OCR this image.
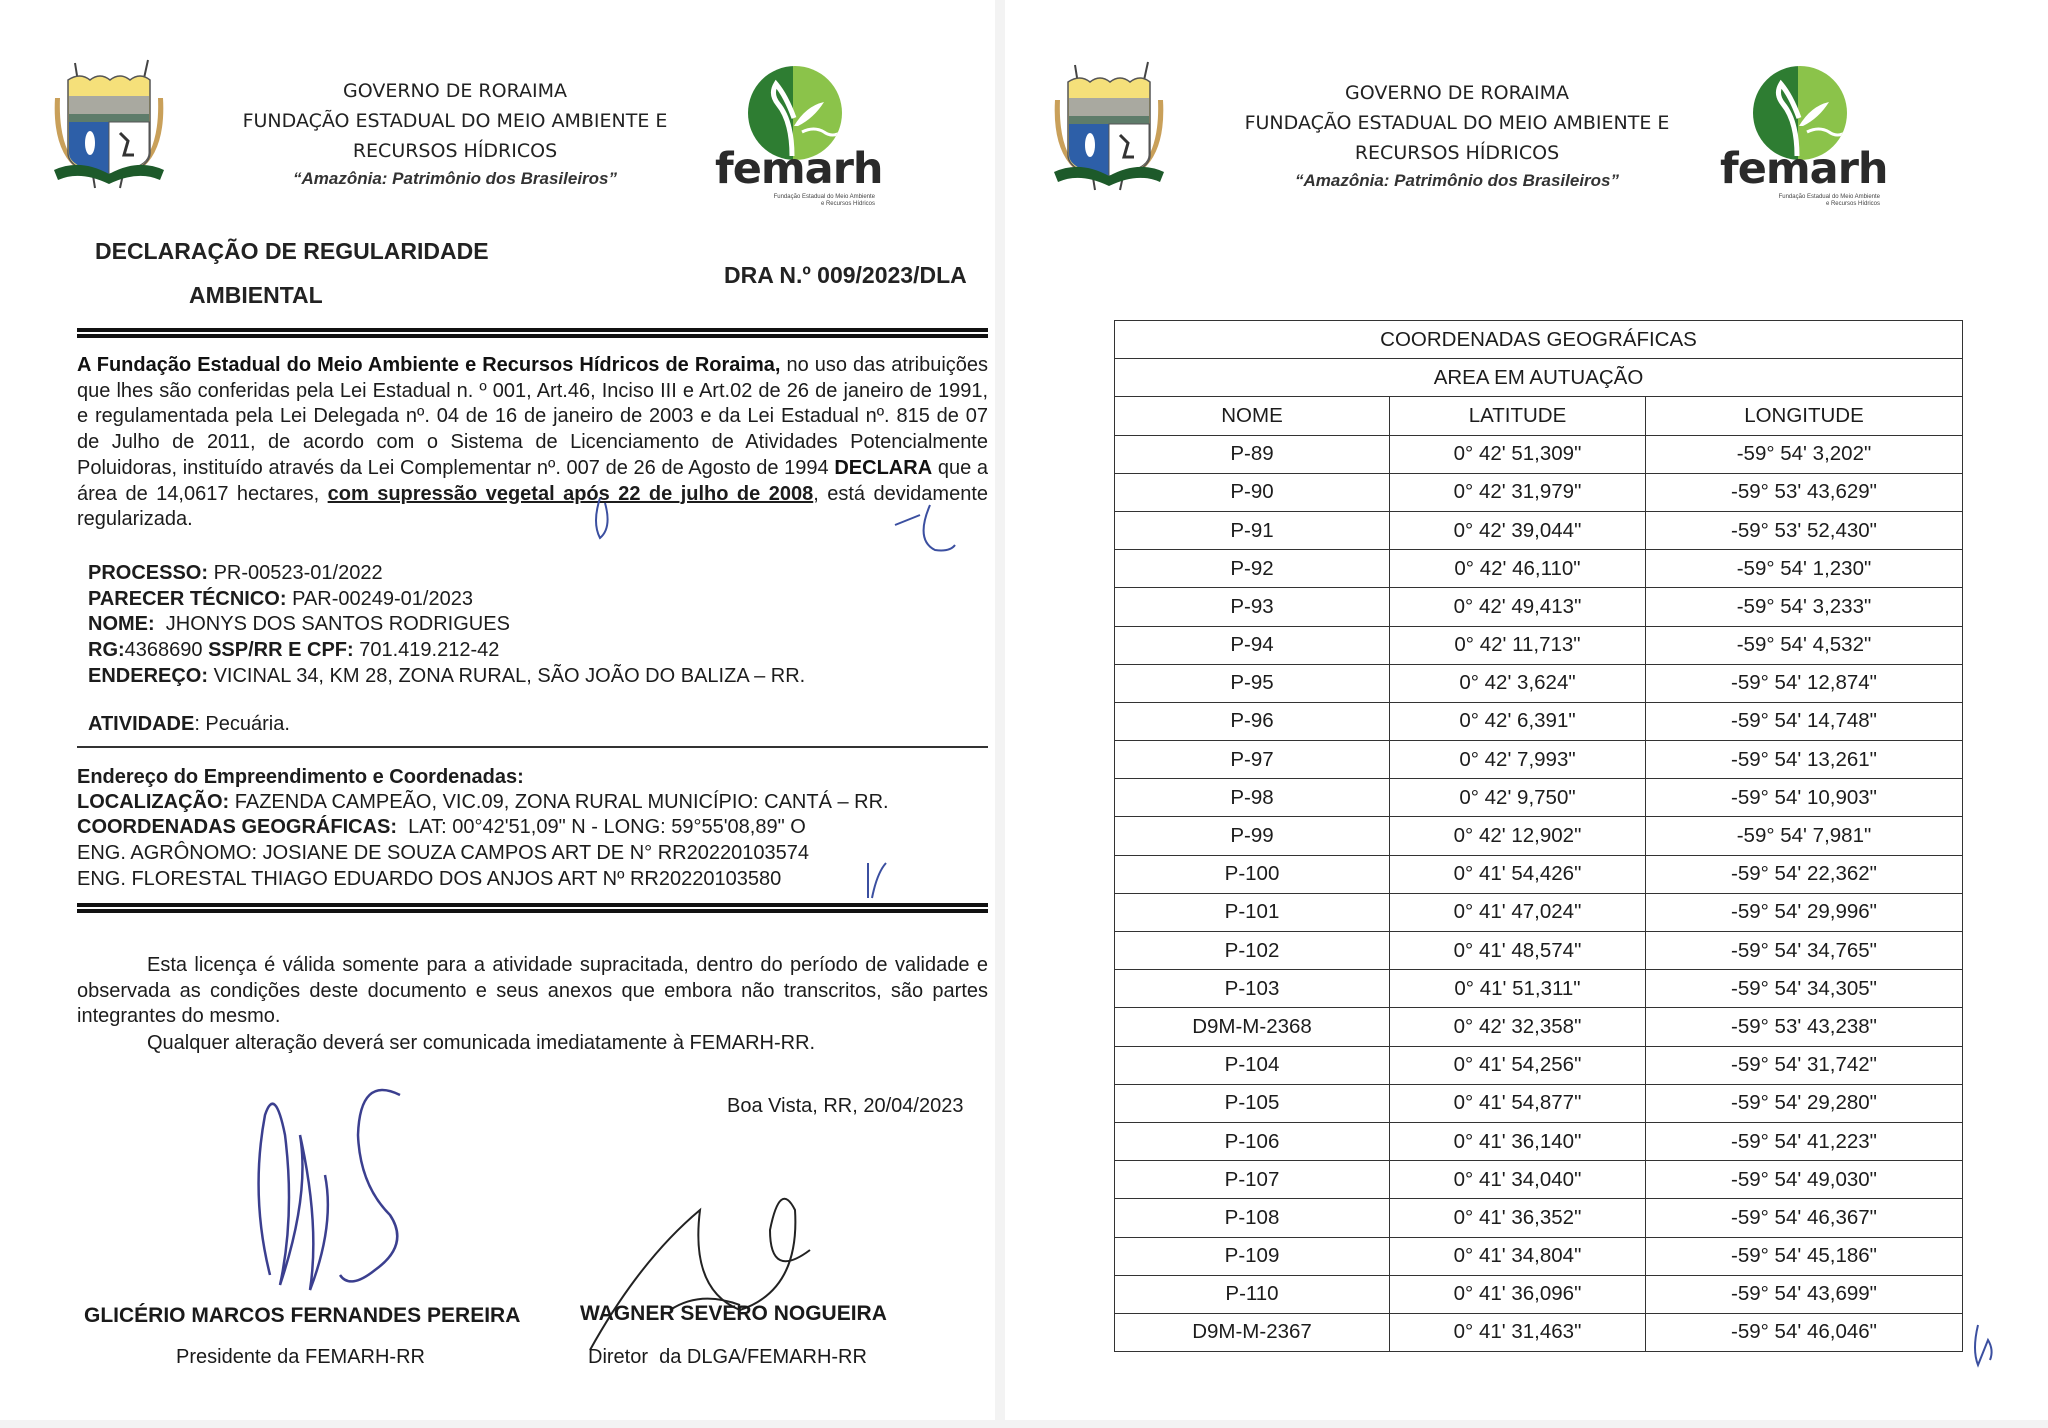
GOVERNO DE RORAIMA
FUNDAÇÃO ESTADUAL DO MEIO AMBIENTE E
RECURSOS HÍDRICOS
“Amazônia: Patrimônio dos Brasileiros”	femarh
Fundação Estadual do Meio Ambiente
e Recursos Hídricos
DECLARAÇÃO DE REGULARIDADE
AMBIENTAL
DRA N.º 009/2023/DLA
A Fundação Estadual do Meio Ambiente e Recursos Hídricos de Roraima, no uso das atribuições que lhes são conferidas pela Lei Estadual n. º 001, Art.46, Inciso III e Art.02 de 26 de janeiro de 1991, e regulamentada pela Lei Delegada nº. 04 de 16 de janeiro de 2003 e da Lei Estadual nº. 815 de 07 de Julho de 2011, de acordo com o Sistema de Licenciamento de Atividades Potencialmente Poluidoras, instituído através da Lei Complementar nº. 007 de 26 de Agosto de 1994 DECLARA que a área de 14,0617 hectares, com supressão vegetal após 22 de julho de 2008, está devidamente regularizada.
PROCESSO: PR-00523-01/2022
PARECER TÉCNICO: PAR-00249-01/2023
NOME:  JHONYS DOS SANTOS RODRIGUES
RG:4368690 SSP/RR E CPF: 701.419.212-42
ENDEREÇO: VICINAL 34, KM 28, ZONA RURAL, SÃO JOÃO DO BALIZA – RR.
ATIVIDADE: Pecuária.
Endereço do Empreendimento e Coordenadas:
LOCALIZAÇÃO: FAZENDA CAMPEÃO, VIC.09, ZONA RURAL MUNICÍPIO: CANTÁ – RR.
COORDENADAS GEOGRÁFICAS:  LAT: 00°42'51,09" N - LONG: 59°55'08,89" O
ENG. AGRÔNOMO: JOSIANE DE SOUZA CAMPOS ART DE N° RR20220103574
ENG. FLORESTAL THIAGO EDUARDO DOS ANJOS ART Nº RR20220103580
Esta licença é válida somente para a atividade supracitada, dentro do período de validade e observada as condições deste documento e seus anexos que embora não transcritos, são partes integrantes do mesmo.
Qualquer alteração deverá ser comunicada imediatamente à FEMARH-RR.
Boa Vista, RR, 20/04/2023
GLICÉRIO MARCOS FERNANDES PEREIRA
Presidente da FEMARH-RR
WAGNER SEVERO NOGUEIRA
Diretor  da DLGA/FEMARH-RR
GOVERNO DE RORAIMA
FUNDAÇÃO ESTADUAL DO MEIO AMBIENTE E
RECURSOS HÍDRICOS
“Amazônia: Patrimônio dos Brasileiros”	femarh
Fundação Estadual do Meio Ambiente
e Recursos Hídricos
COORDENADAS GEOGRÁFICAS		
AREA EM AUTUAÇÃO		
NOME	LATITUDE	LONGITUDE
P-89	0° 42' 51,309"	-59° 54' 3,202"
P-90	0° 42' 31,979"	-59° 53' 43,629"
P-91	0° 42' 39,044"	-59° 53' 52,430"
P-92	0° 42' 46,110"	-59° 54' 1,230"
P-93	0° 42' 49,413"	-59° 54' 3,233"
P-94	0° 42' 11,713"	-59° 54' 4,532"
P-95	0° 42' 3,624"	-59° 54' 12,874"
P-96	0° 42' 6,391"	-59° 54' 14,748"
P-97	0° 42' 7,993"	-59° 54' 13,261"
P-98	0° 42' 9,750"	-59° 54' 10,903"
P-99	0° 42' 12,902"	-59° 54' 7,981"
P-100	0° 41' 54,426"	-59° 54' 22,362"
P-101	0° 41' 47,024"	-59° 54' 29,996"
P-102	0° 41' 48,574"	-59° 54' 34,765"
P-103	0° 41' 51,311"	-59° 54' 34,305"
D9M-M-2368	0° 42' 32,358"	-59° 53' 43,238"
P-104	0° 41' 54,256"	-59° 54' 31,742"
P-105	0° 41' 54,877"	-59° 54' 29,280"
P-106	0° 41' 36,140"	-59° 54' 41,223"
P-107	0° 41' 34,040"	-59° 54' 49,030"
P-108	0° 41' 36,352"	-59° 54' 46,367"
P-109	0° 41' 34,804"	-59° 54' 45,186"
P-110	0° 41' 36,096"	-59° 54' 43,699"
D9M-M-2367	0° 41' 31,463"	-59° 54' 46,046"
